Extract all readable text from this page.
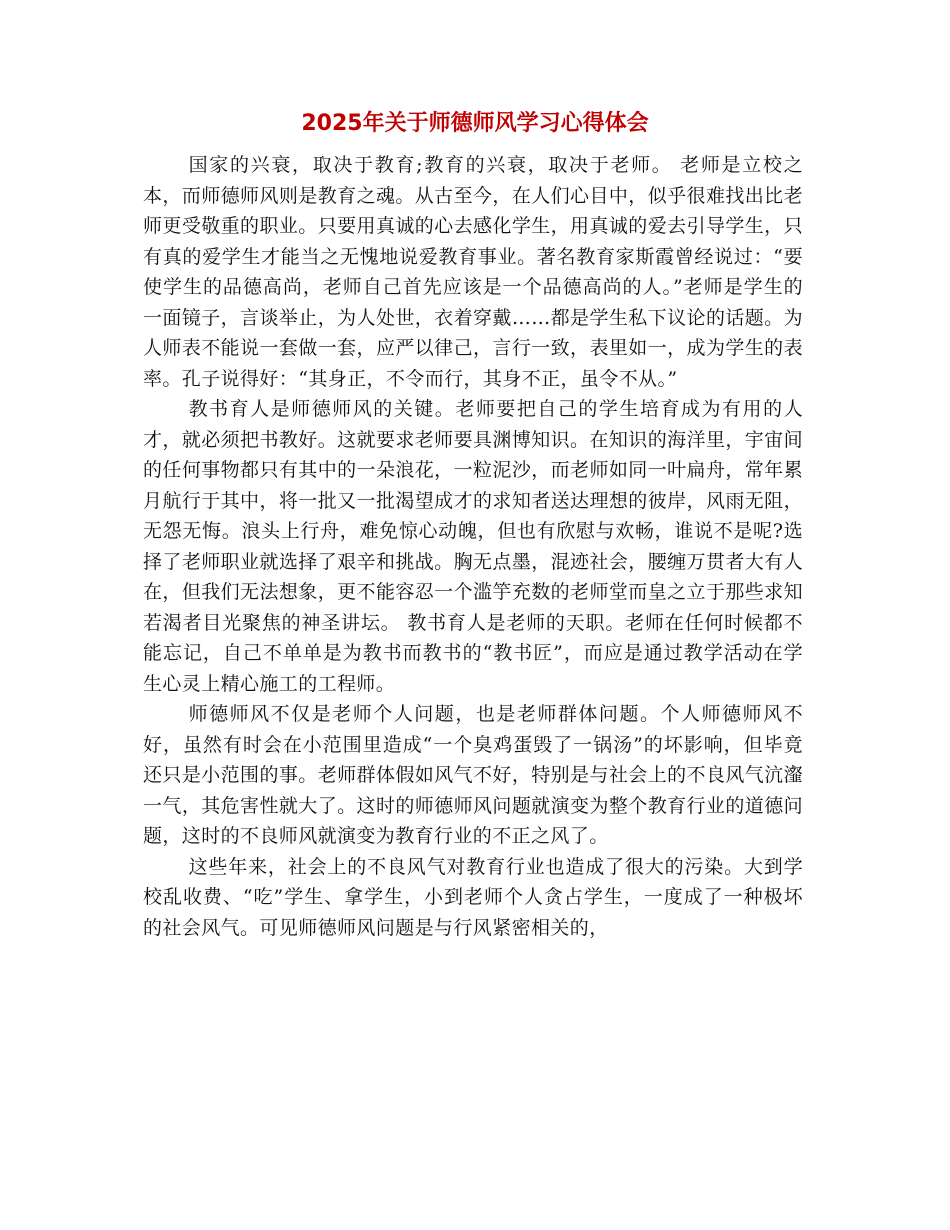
2025年关于师德师风学习心得体会

国家的兴衰，取决于教育;教育的兴衰，取决于老师。 老师是立校之本，而师德师风则是教育之魂。从古至今，在人们心目中，似乎很难找出比老师更受敬重的职业。只要用真诚的心去感化学生，用真诚的爱去引导学生，只有真的爱学生才能当之无愧地说爱教育事业。著名教育家斯霞曾经说过：“要使学生的品德高尚，老师自己首先应该是一个品德高尚的人。”老师是学生的一面镜子，言谈举止，为人处世，衣着穿戴……都是学生私下议论的话题。为人师表不能说一套做一套，应严以律己，言行一致，表里如一，成为学生的表率。孔子说得好：“其身正，不令而行，其身不正，虽令不从。”

教书育人是师德师风的关键。老师要把自己的学生培育成为有用的人才，就必须把书教好。这就要求老师要具渊博知识。在知识的海洋里，宇宙间的任何事物都只有其中的一朵浪花，一粒泥沙，而老师如同一叶扁舟，常年累月航行于其中，将一批又一批渴望成才的求知者送达理想的彼岸，风雨无阻，无怨无悔。浪头上行舟，难免惊心动魄，但也有欣慰与欢畅，谁说不是呢?选择了老师职业就选择了艰辛和挑战。胸无点墨，混迹社会，腰缠万贯者大有人在，但我们无法想象，更不能容忍一个滥竽充数的老师堂而皇之立于那些求知若渴者目光聚焦的神圣讲坛。 教书育人是老师的天职。老师在任何时候都不能忘记，自己不单单是为教书而教书的“教书匠”，而应是通过教学活动在学生心灵上精心施工的工程师。

师德师风不仅是老师个人问题，也是老师群体问题。个人师德师风不好，虽然有时会在小范围里造成“一个臭鸡蛋毁了一锅汤”的坏影响，但毕竟还只是小范围的事。老师群体假如风气不好，特别是与社会上的不良风气沆瀣一气，其危害性就大了。这时的师德师风问题就演变为整个教育行业的道德问题，这时的不良师风就演变为教育行业的不正之风了。

这些年来，社会上的不良风气对教育行业也造成了很大的污染。大到学校乱收费、“吃”学生、拿学生，小到老师个人贪占学生，一度成了一种极坏的社会风气。可见师德师风问题是与行风紧密相关的，
